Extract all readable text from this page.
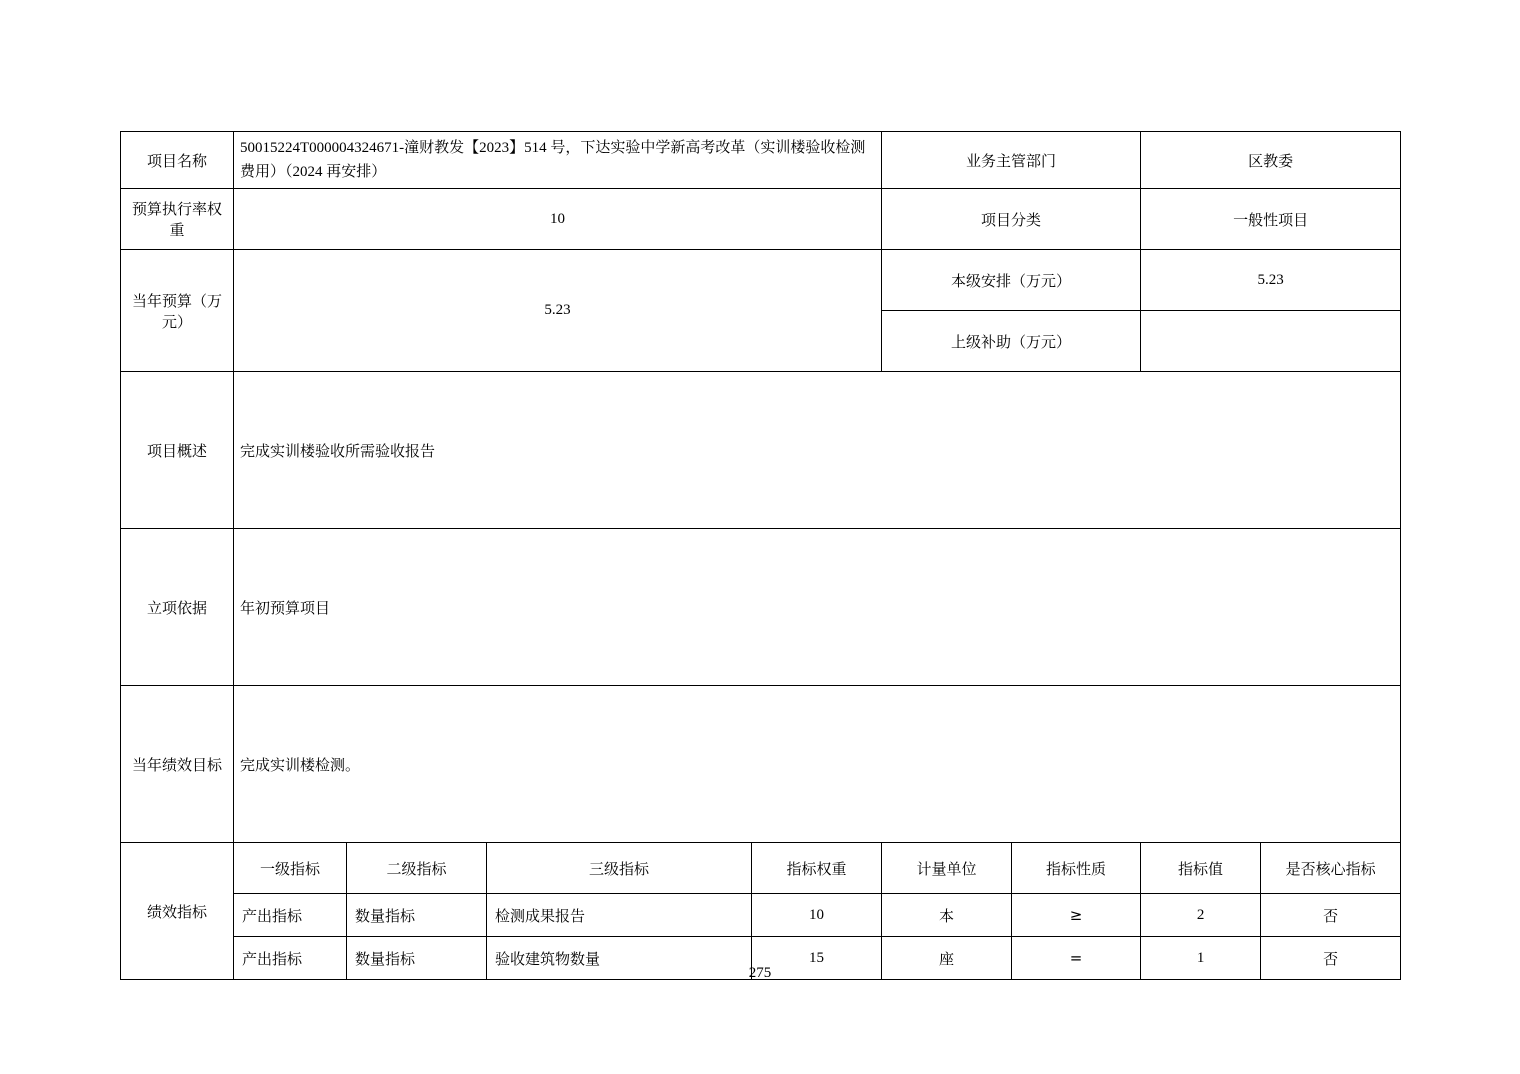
项目名称	50015224T000004324671-潼财教发【2023】514 号，下达实验中学新高考改革（实训楼验收检测费用）（2024 再安排）				业务主管部门		区教委	
预算执行率权重	10				项目分类		一般性项目	
当年预算（万元）	5.23				本级安排（万元）		5.23	
					上级补助（万元）			
项目概述	完成实训楼验收所需验收报告							
立项依据	年初预算项目							
当年绩效目标	完成实训楼检测。							
绩效指标	一级指标	二级指标	三级指标	指标权重	计量单位	指标性质	指标值	是否核心指标
	产出指标	数量指标	检测成果报告	10	本	≥	2	否
	产出指标	数量指标	验收建筑物数量	15	座	=	1	否
275
